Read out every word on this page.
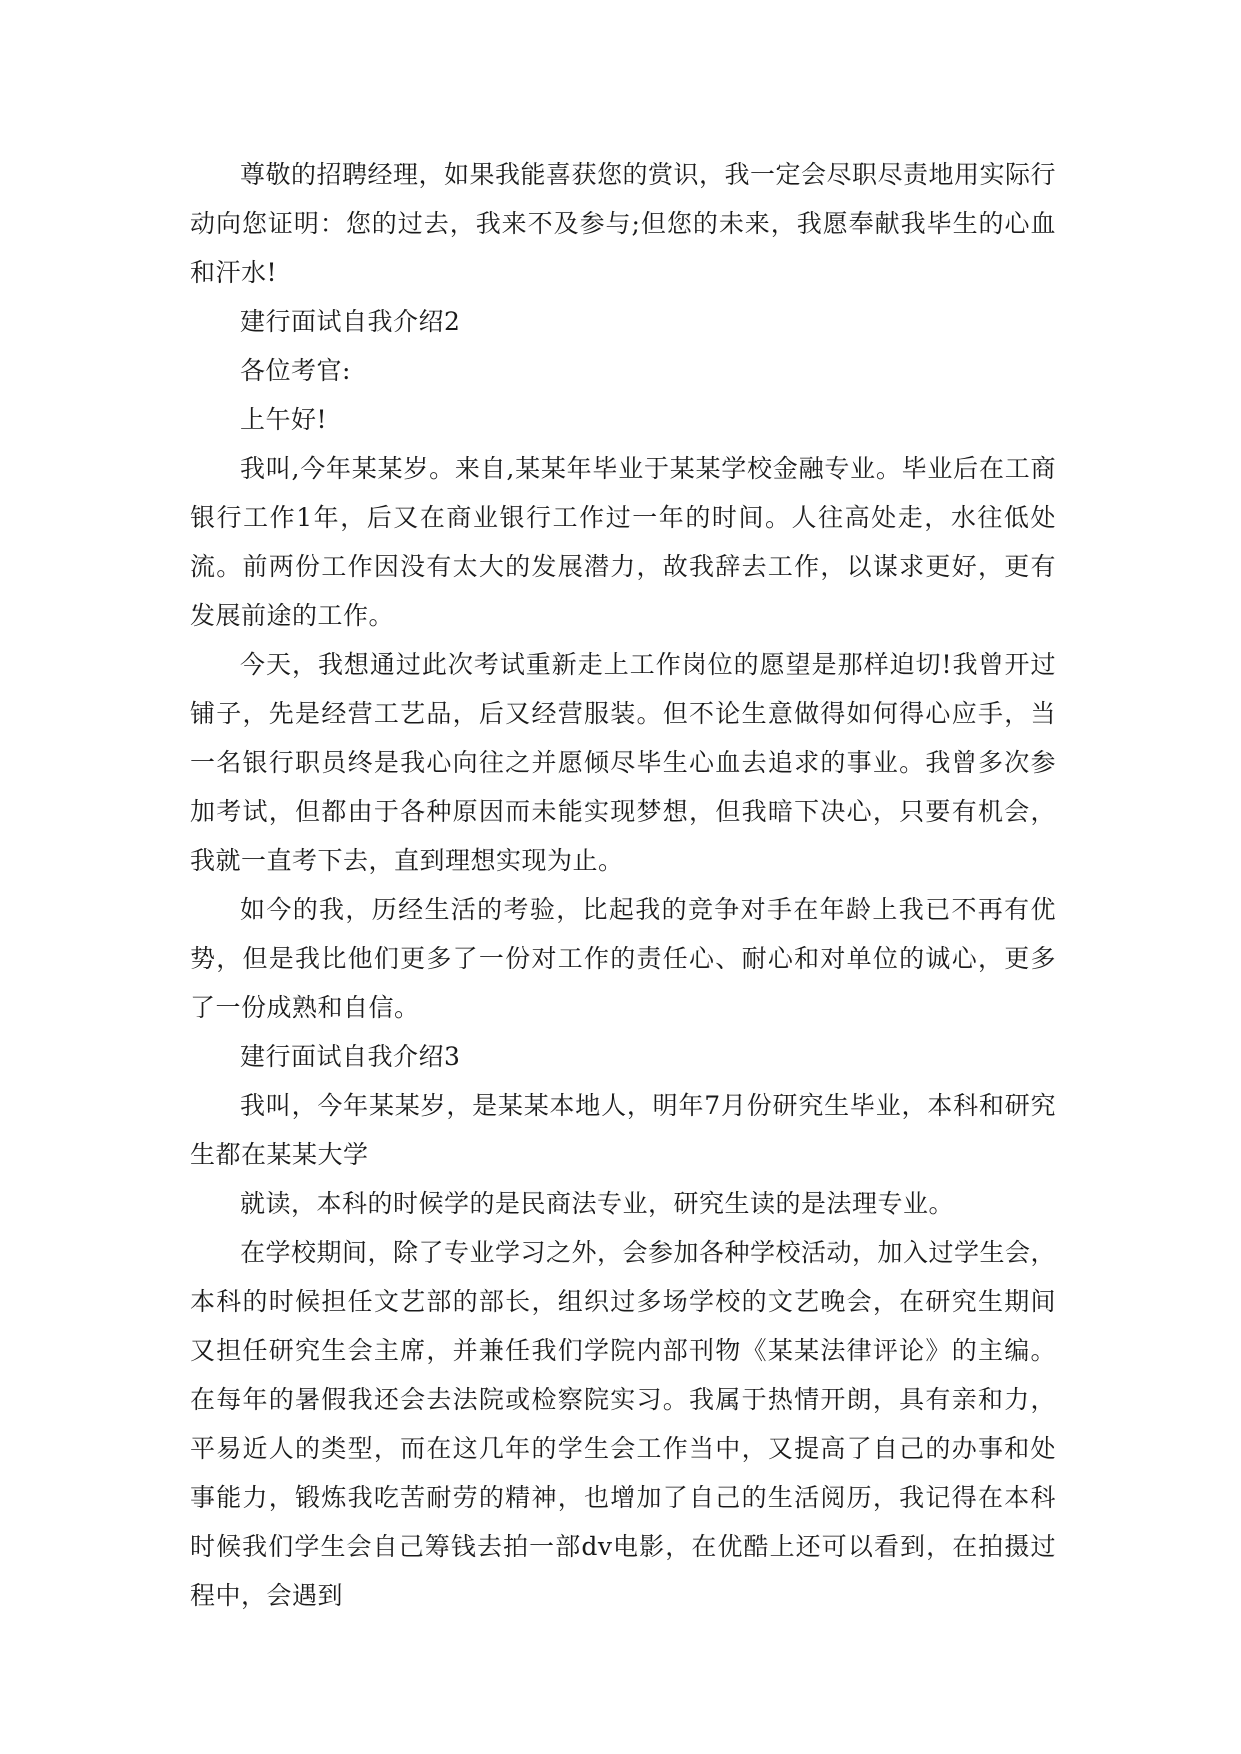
尊敬的招聘经理，如果我能喜获您的赏识，我一定会尽职尽责地用实际行动向您证明：您的过去，我来不及参与;但您的未来，我愿奉献我毕生的心血和汗水!

建行面试自我介绍2

各位考官:

上午好!

我叫,今年某某岁。来自,某某年毕业于某某学校金融专业。毕业后在工商银行工作1年，后又在商业银行工作过一年的时间。人往高处走，水往低处流。前两份工作因没有太大的发展潜力，故我辞去工作，以谋求更好，更有发展前途的工作。

今天，我想通过此次考试重新走上工作岗位的愿望是那样迫切!我曾开过铺子，先是经营工艺品，后又经营服装。但不论生意做得如何得心应手，当一名银行职员终是我心向往之并愿倾尽毕生心血去追求的事业。我曾多次参加考试，但都由于各种原因而未能实现梦想，但我暗下决心，只要有机会，我就一直考下去，直到理想实现为止。

如今的我，历经生活的考验，比起我的竞争对手在年龄上我已不再有优势，但是我比他们更多了一份对工作的责任心、耐心和对单位的诚心，更多了一份成熟和自信。

建行面试自我介绍3

我叫，今年某某岁，是某某本地人，明年7月份研究生毕业，本科和研究生都在某某大学

就读，本科的时候学的是民商法专业，研究生读的是法理专业。

在学校期间，除了专业学习之外，会参加各种学校活动，加入过学生会，本科的时候担任文艺部的部长，组织过多场学校的文艺晚会，在研究生期间又担任研究生会主席，并兼任我们学院内部刊物《某某法律评论》的主编。在每年的暑假我还会去法院或检察院实习。我属于热情开朗，具有亲和力，平易近人的类型，而在这几年的学生会工作当中，又提高了自己的办事和处事能力，锻炼我吃苦耐劳的精神，也增加了自己的生活阅历，我记得在本科时候我们学生会自己筹钱去拍一部dv电影，在优酷上还可以看到，在拍摄过程中，会遇到
